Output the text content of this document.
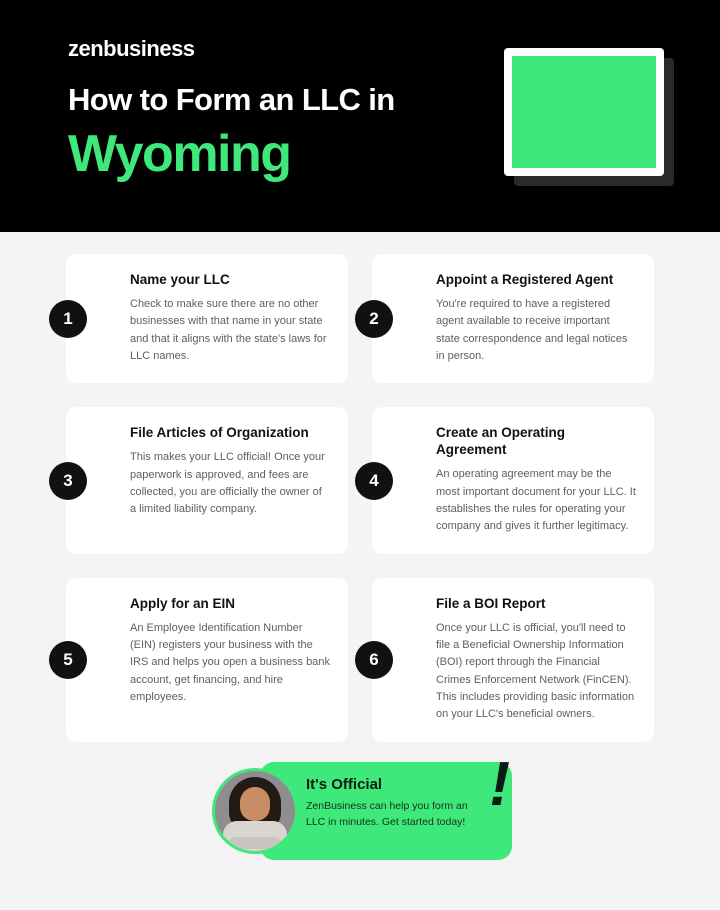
zenbusiness
How to Form an LLC in
Wyoming
1
Name your LLC
Check to make sure there are no other businesses with that name in your state and that it aligns with the state's laws for LLC names.
2
Appoint a Registered Agent
You're required to have a registered agent available to receive important state correspondence and legal notices in person.
3
File Articles of Organization
This makes your LLC official! Once your paperwork is approved, and fees are collected, you are officially the owner of a limited liability company.
4
Create an Operating Agreement
An operating agreement may be the most important document for your LLC. It establishes the rules for operating your company and gives it further legitimacy.
5
Apply for an EIN
An Employee Identification Number (EIN) registers your business with the IRS and helps you open a business bank account, get financing, and hire employees.
6
File a BOI Report
Once your LLC is official, you'll need to file a Beneficial Ownership Information (BOI) report through the Financial Crimes Enforcement Network (FinCEN). This includes providing basic information on your LLC's beneficial owners.
It's Official
ZenBusiness can help you form an LLC in minutes. Get started today!
!
